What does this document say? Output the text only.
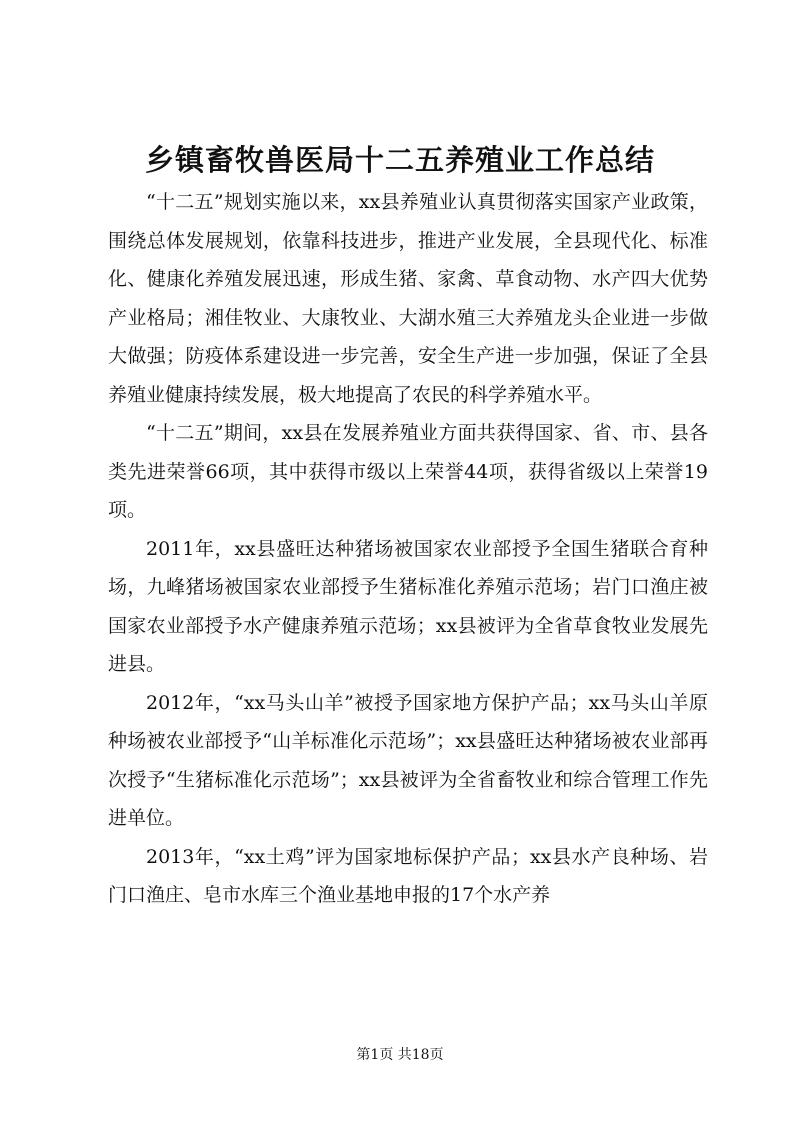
乡镇畜牧兽医局十二五养殖业工作总结

“十二五”规划实施以来，xx县养殖业认真贯彻落实国家产业政策，围绕总体发展规划，依靠科技进步，推进产业发展，全县现代化、标准化、健康化养殖发展迅速，形成生猪、家禽、草食动物、水产四大优势产业格局；湘佳牧业、大康牧业、大湖水殖三大养殖龙头企业进一步做大做强；防疫体系建设进一步完善，安全生产进一步加强，保证了全县养殖业健康持续发展，极大地提高了农民的科学养殖水平。

“十二五”期间，xx县在发展养殖业方面共获得国家、省、市、县各类先进荣誉66项，其中获得市级以上荣誉44项，获得省级以上荣誉19项。

2011年，xx县盛旺达种猪场被国家农业部授予全国生猪联合育种场，九峰猪场被国家农业部授予生猪标准化养殖示范场；岩门口渔庄被国家农业部授予水产健康养殖示范场；xx县被评为全省草食牧业发展先进县。

2012年，“xx马头山羊”被授予国家地方保护产品；xx马头山羊原种场被农业部授予“山羊标准化示范场”；xx县盛旺达种猪场被农业部再次授予“生猪标准化示范场”；xx县被评为全省畜牧业和综合管理工作先进单位。

2013年，“xx土鸡”评为国家地标保护产品；xx县水产良种场、岩门口渔庄、皂市水库三个渔业基地申报的17个水产养

第1页 共18页
